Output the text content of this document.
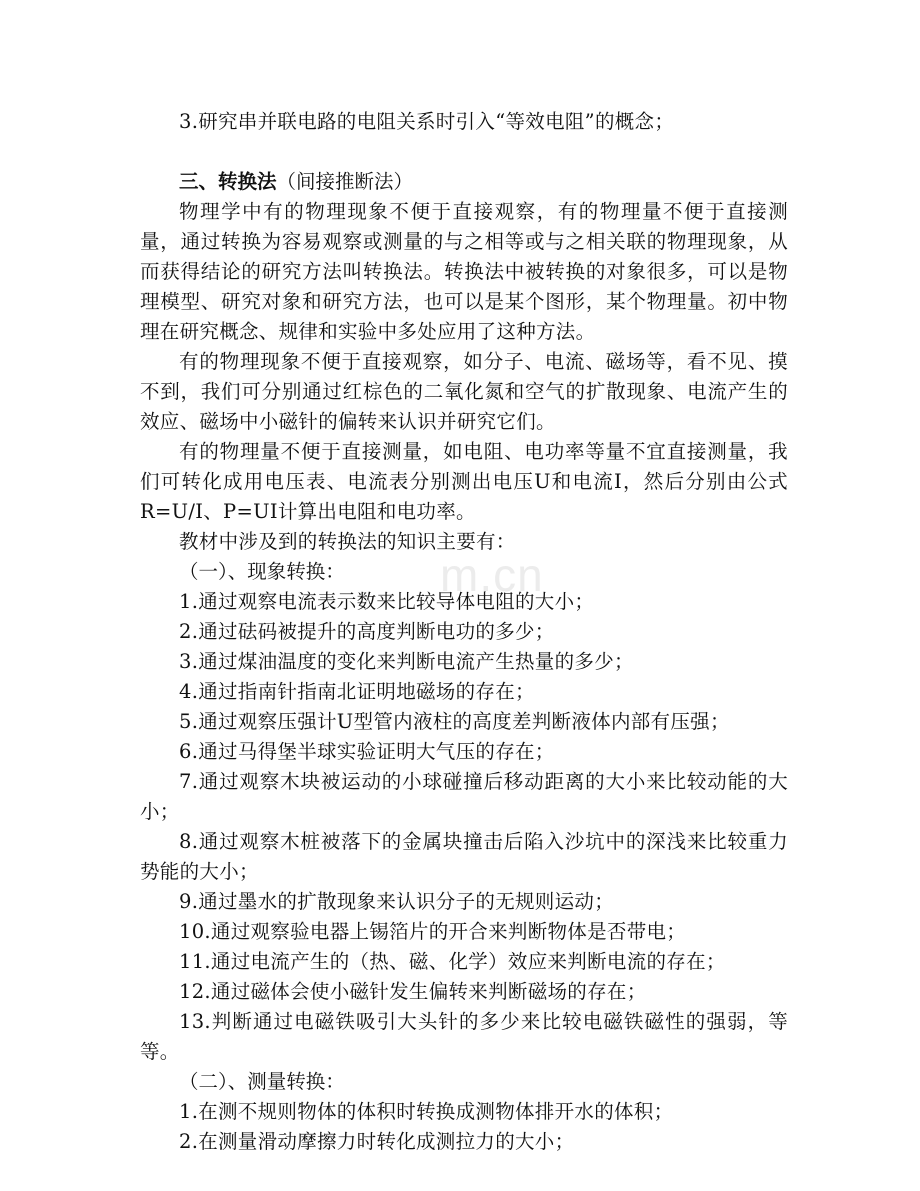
m.cn

3.研究串并联电路的电阻关系时引入“等效电阻”的概念；

三、转换法（间接推断法）

物理学中有的物理现象不便于直接观察，有的物理量不便于直接测量，通过转换为容易观察或测量的与之相等或与之相关联的物理现象，从而获得结论的研究方法叫转换法。转换法中被转换的对象很多，可以是物理模型、研究对象和研究方法，也可以是某个图形，某个物理量。初中物理在研究概念、规律和实验中多处应用了这种方法。

有的物理现象不便于直接观察，如分子、电流、磁场等，看不见、摸不到，我们可分别通过红棕色的二氧化氮和空气的扩散现象、电流产生的效应、磁场中小磁针的偏转来认识并研究它们。

有的物理量不便于直接测量，如电阻、电功率等量不宜直接测量，我们可转化成用电压表、电流表分别测出电压U和电流I，然后分别由公式R=U/I、P=UI计算出电阻和电功率。

教材中涉及到的转换法的知识主要有：

（一）、现象转换：

1.通过观察电流表示数来比较导体电阻的大小；

2.通过砝码被提升的高度判断电功的多少；

3.通过煤油温度的变化来判断电流产生热量的多少；

4.通过指南针指南北证明地磁场的存在；

5.通过观察压强计U型管内液柱的高度差判断液体内部有压强；

6.通过马得堡半球实验证明大气压的存在；

7.通过观察木块被运动的小球碰撞后移动距离的大小来比较动能的大小；

8.通过观察木桩被落下的金属块撞击后陷入沙坑中的深浅来比较重力势能的大小；

9.通过墨水的扩散现象来认识分子的无规则运动；

10.通过观察验电器上锡箔片的开合来判断物体是否带电；

11.通过电流产生的（热、磁、化学）效应来判断电流的存在；

12.通过磁体会使小磁针发生偏转来判断磁场的存在；

13.判断通过电磁铁吸引大头针的多少来比较电磁铁磁性的强弱，等等。

（二）、测量转换：

1.在测不规则物体的体积时转换成测物体排开水的体积；

2.在测量滑动摩擦力时转化成测拉力的大小；
